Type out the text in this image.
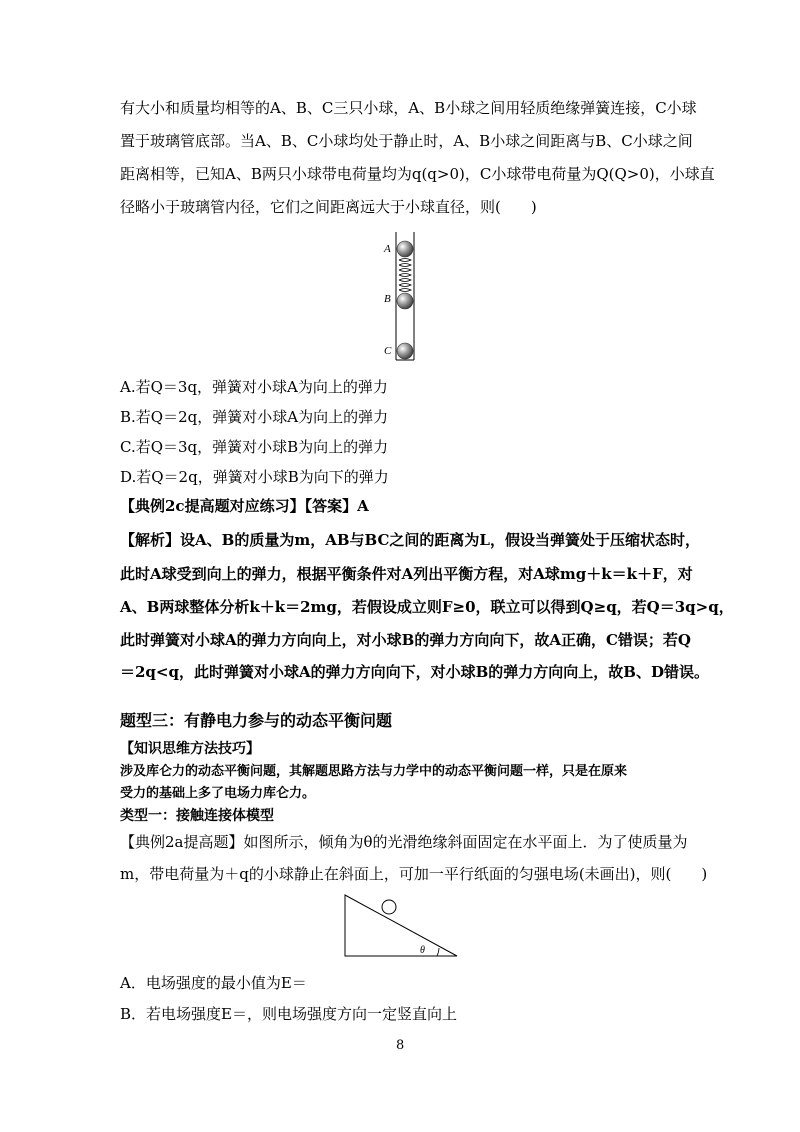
有大小和质量均相等的A、B、C三只小球，A、B小球之间用轻质绝缘弹簧连接，C小球
置于玻璃管底部。当A、B、C小球均处于静止时，A、B小球之间距离与B、C小球之间
距离相等，已知A、B两只小球带电荷量均为q(q>0)，C小球带电荷量为Q(Q>0)，小球直
径略小于玻璃管内径，它们之间距离远大于小球直径，则(　　)
A
B
C
A.若Q＝3q，弹簧对小球A为向上的弹力
B.若Q＝2q，弹簧对小球A为向上的弹力
C.若Q＝3q，弹簧对小球B为向上的弹力
D.若Q＝2q，弹簧对小球B为向下的弹力
【典例2c提高题对应练习】【答案】A
【解析】设A、B的质量为m，AB与BC之间的距离为L，假设当弹簧处于压缩状态时，
此时A球受到向上的弹力，根据平衡条件对A列出平衡方程，对A球mg＋k＝k＋F，对
A、B两球整体分析k＋k＝2mg，若假设成立则F≥0，联立可以得到Q≥q，若Q＝3q>q，
此时弹簧对小球A的弹力方向向上，对小球B的弹力方向向下，故A正确，C错误；若Q
＝2q<q，此时弹簧对小球A的弹力方向向下，对小球B的弹力方向向上，故B、D错误。
题型三：有静电力参与的动态平衡问题
【知识思维方法技巧】
涉及库仑力的动态平衡问题，其解题思路方法与力学中的动态平衡问题一样，只是在原来
受力的基础上多了电场力库仑力。
类型一：接触连接体模型
【典例2a提高题】如图所示，倾角为θ的光滑绝缘斜面固定在水平面上．为了使质量为
m，带电荷量为＋q的小球静止在斜面上，可加一平行纸面的匀强电场(未画出)，则(　　)
θ
A．电场强度的最小值为E＝
B．若电场强度E＝，则电场强度方向一定竖直向上
8
